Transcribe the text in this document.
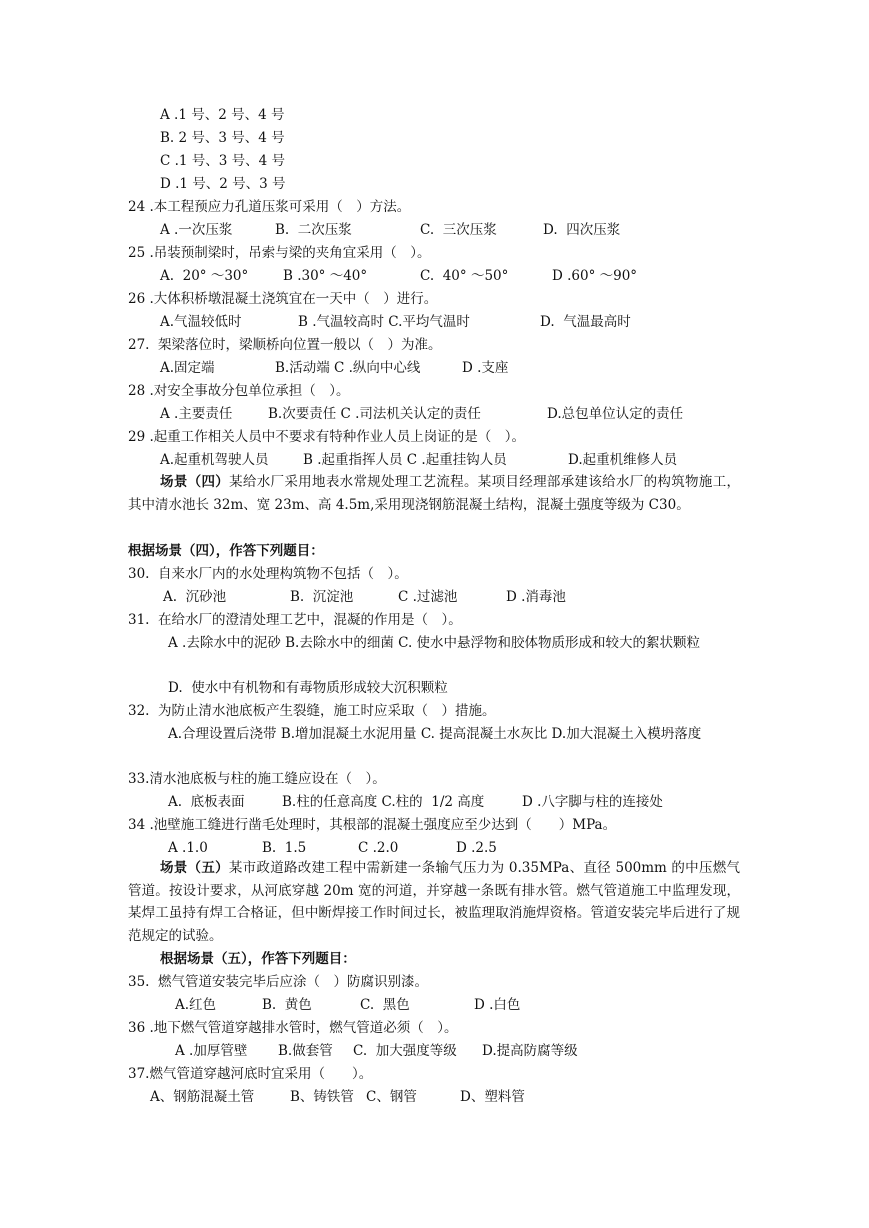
A .1 号、2 号、4 号
B. 2 号、3 号、4 号
C .1 号、3 号、4 号
D .1 号、2 号、3 号
24 .本工程预应力孔道压浆可采用（　）方法。
A .一次压浆	B.  二次压浆	C.  三次压浆	D.  四次压浆
25 .吊装预制梁时，吊索与梁的夹角宜采用（　）。
A.  20° ～30°	B .30° ～40°	C.  40° ～50°	D .60° ～90°
26 .大体积桥墩混凝土浇筑宜在一天中（　）进行。
A.气温较低时	B .气温较高时 C.平均气温时	D.  气温最高时
27.  架梁落位时，梁顺桥向位置一般以（　）为准。
A.固定端	B.活动端 C .纵向中心线	D .支座
28 .对安全事故分包单位承担（　）。
A .主要责任	B.次要责任 C .司法机关认定的责任	D.总包单位认定的责任
29 .起重工作相关人员中不要求有特种作业人员上岗证的是（　）。
A.起重机驾驶人员	B .起重指挥人员 C .起重挂钩人员	D.起重机维修人员
场景（四）某给水厂采用地表水常规处理工艺流程。某项目经理部承建该给水厂的构筑物施工，其中清水池长 32m、宽 23m、高 4.5m,采用现浇钢筋混凝土结构，混凝土强度等级为 C30。
根据场景（四），作答下列题目：
30.  自来水厂内的水处理构筑物不包括（　）。
A.  沉砂池	B.  沉淀池	C .过滤池	D .消毒池
31.  在给水厂的澄清处理工艺中，混凝的作用是（　）。
A .去除水中的泥砂 B.去除水中的细菌 C. 使水中悬浮物和胶体物质形成和较大的絮状颗粒
D.  使水中有机物和有毒物质形成较大沉积颗粒
32.  为防止清水池底板产生裂缝，施工时应采取（　）措施。
A.合理设置后浇带 B.增加混凝土水泥用量 C. 提高混凝土水灰比 D.加大混凝土入模坍落度
33.清水池底板与柱的施工缝应设在（　）。
A.  底板表面	B.柱的任意高度 C.柱的  1/2 高度	D .八字脚与柱的连接处
34 .池壁施工缝进行凿毛处理时，其根部的混凝土强度应至少达到（　　）MPa。
A .1.0	B.  1.5	C .2.0	D .2.5
场景（五）某市政道路改建工程中需新建一条输气压力为 0.35MPa、直径 500mm 的中压燃气管道。按设计要求，从河底穿越 20m 宽的河道，并穿越一条既有排水管。燃气管道施工中监理发现，某焊工虽持有焊工合格证，但中断焊接工作时间过长，被监理取消施焊资格。管道安装完毕后进行了规范规定的试验。
根据场景（五），作答下列题目：
35.  燃气管道安装完毕后应涂（　）防腐识别漆。
A.红色	B.  黄色	C.  黑色	D .白色
36 .地下燃气管道穿越排水管时，燃气管道必须（　）。
A .加厚管壁 B.做套管 C.  加大强度等级 D.提高防腐等级
37.燃气管道穿越河底时宜采用（　　）。
A、钢筋混凝土管	B、铸铁管 C、钢管	D、塑料管
